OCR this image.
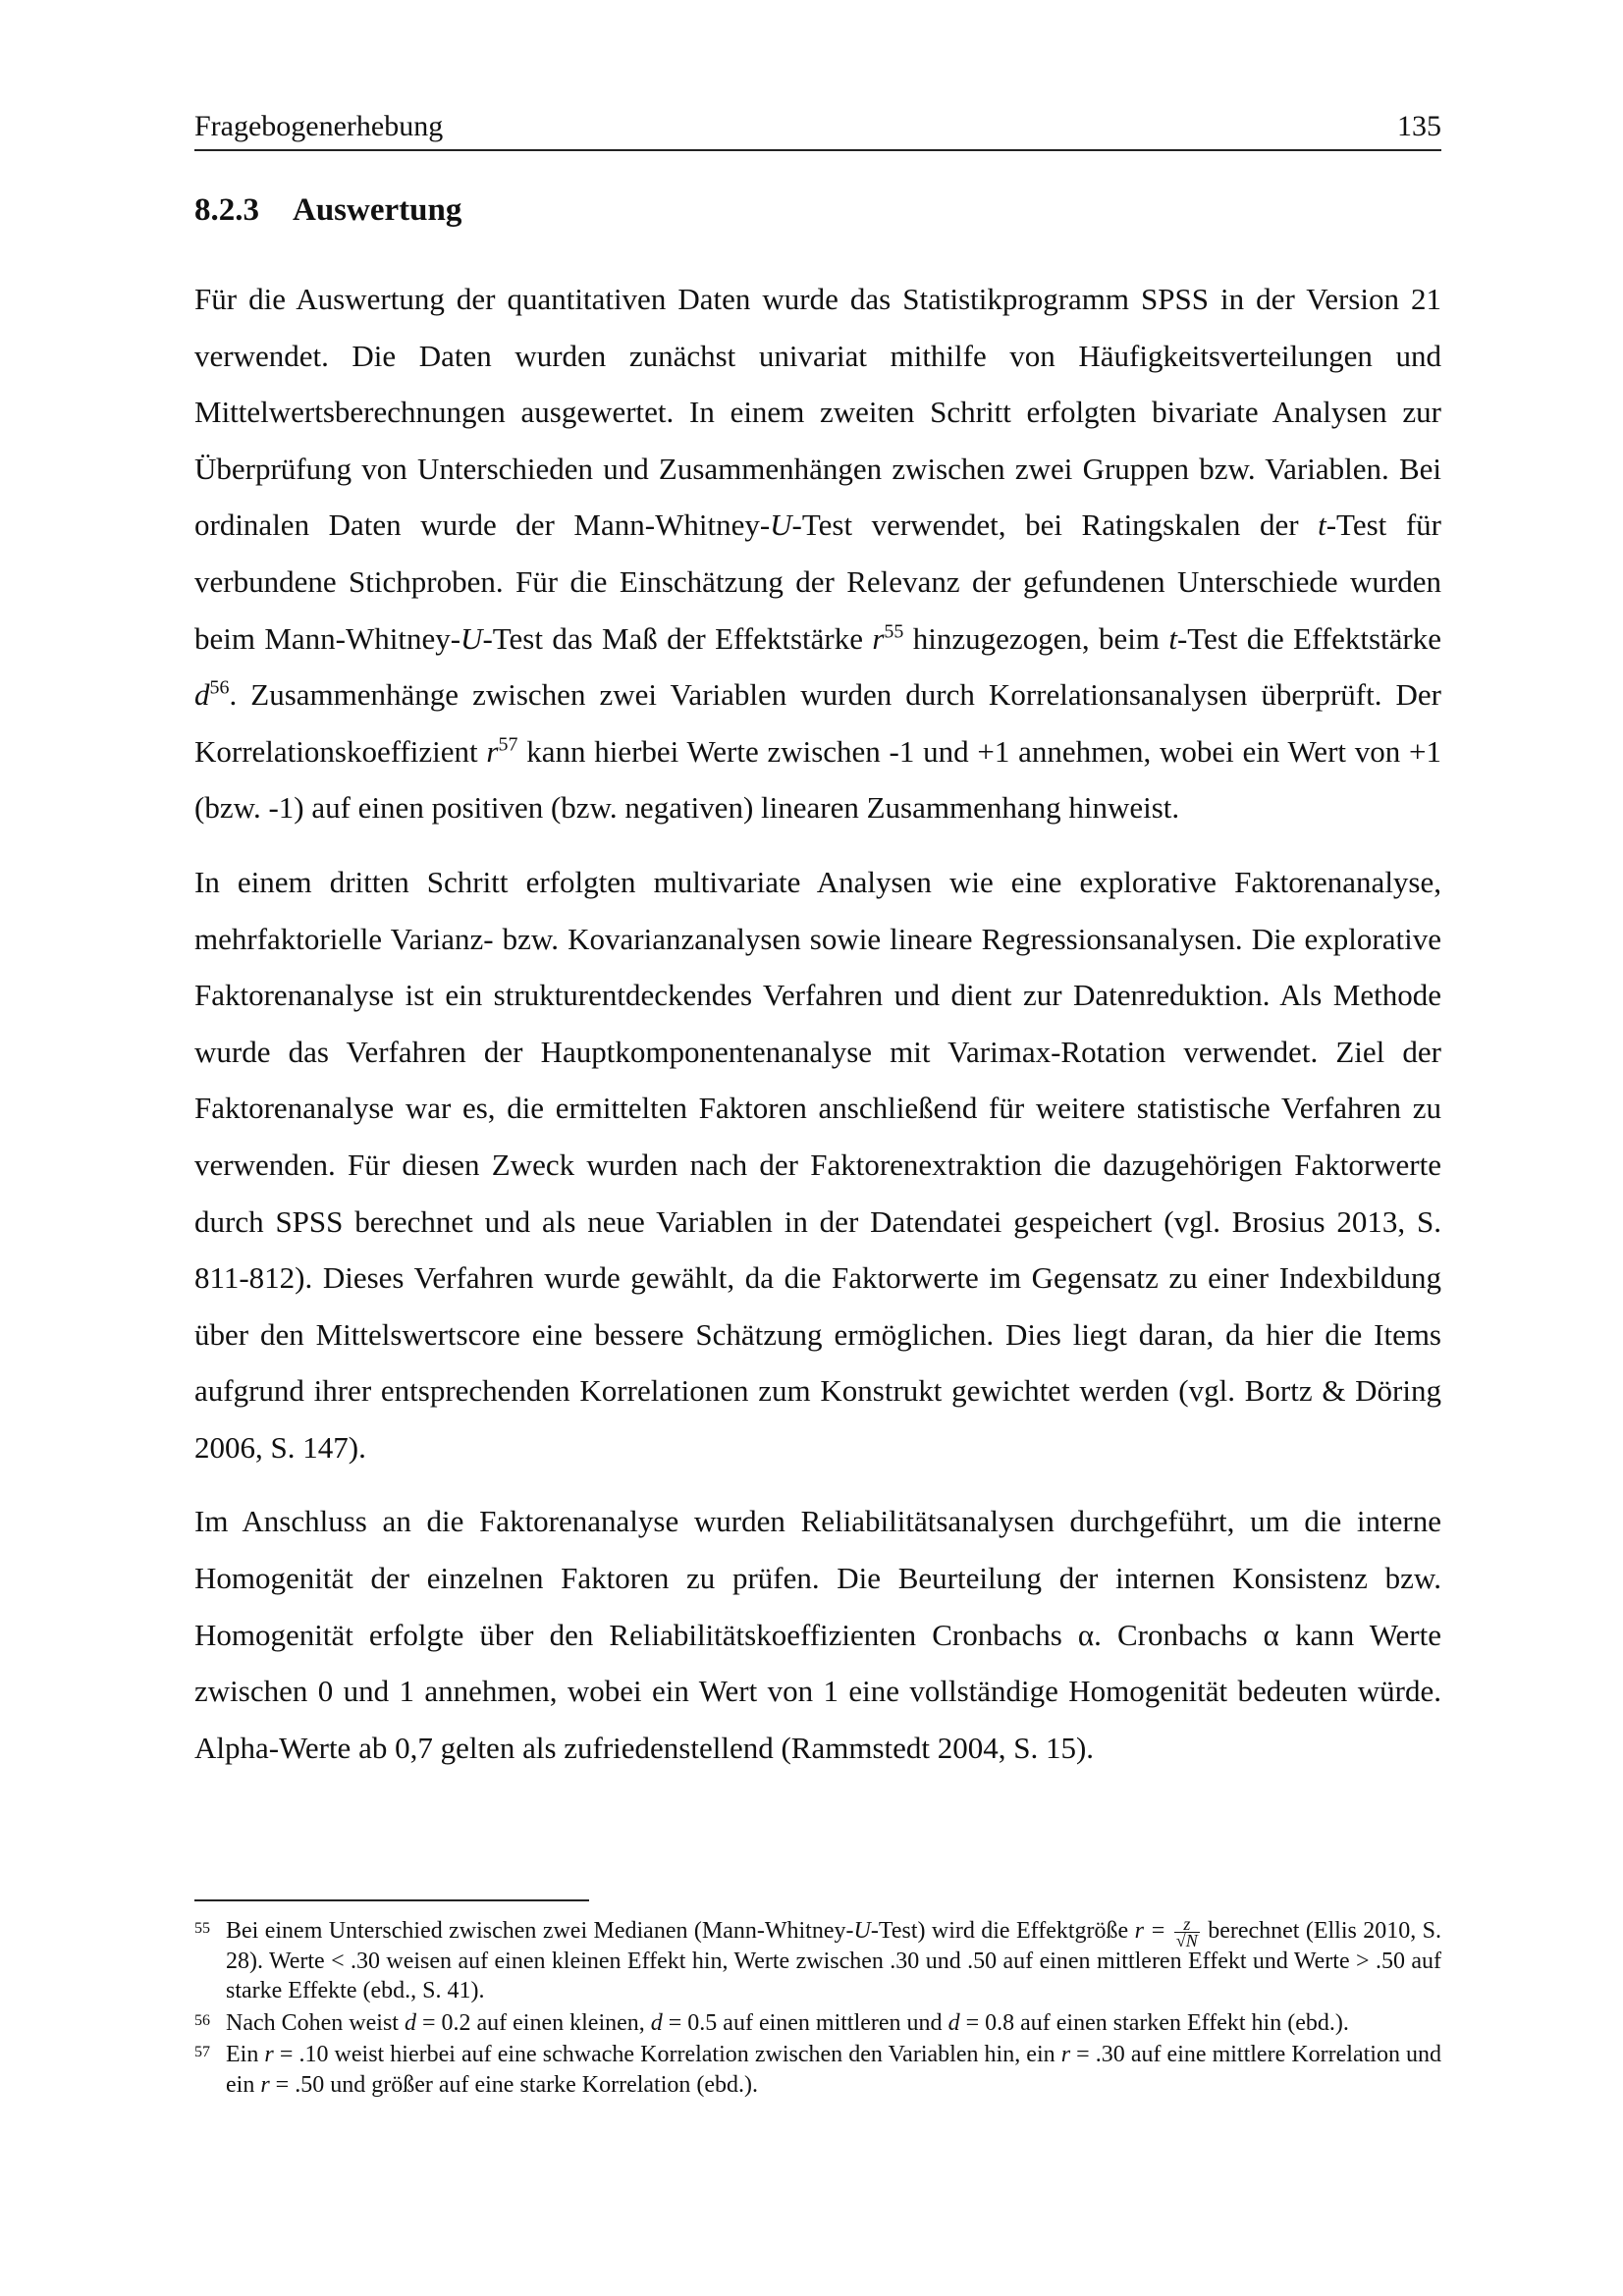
Fragebogenerhebung	135
8.2.3 Auswertung

Für die Auswertung der quantitativen Daten wurde das Statistikprogramm SPSS in der Version 21 verwendet. Die Daten wurden zunächst univariat mithilfe von Häufigkeitsverteilungen und Mittelwertsberechnungen ausgewertet. In einem zweiten Schritt erfolgten bivariate Analysen zur Überprüfung von Unterschieden und Zusammenhängen zwischen zwei Gruppen bzw. Variablen. Bei ordinalen Daten wurde der Mann-Whitney-U-Test verwendet, bei Ratingskalen der t-Test für verbundene Stichproben. Für die Einschätzung der Relevanz der gefundenen Unterschiede wurden beim Mann-Whitney-U-Test das Maß der Effektstärke $r^{55}$ hinzugezogen, beim t-Test die Effektstärke $d^{56}$. Zusammenhänge zwischen zwei Variablen wurden durch Korrelationsanalysen überprüft. Der Korrelationskoeffizient $r^{57}$ kann hierbei Werte zwischen -1 und +1 annehmen, wobei ein Wert von +1 (bzw. -1) auf einen positiven (bzw. negativen) linearen Zusammenhang hinweist.

In einem dritten Schritt erfolgten multivariate Analysen wie eine explorative Faktorenanalyse, mehrfaktorielle Varianz- bzw. Kovarianzanalysen sowie lineare Regressionsanalysen. Die explorative Faktorenanalyse ist ein strukturentdeckendes Verfahren und dient zur Datenreduktion. Als Methode wurde das Verfahren der Hauptkomponentenanalyse mit Varimax-Rotation verwendet. Ziel der Faktorenanalyse war es, die ermittelten Faktoren anschließend für weitere statistische Verfahren zu verwenden. Für diesen Zweck wurden nach der Faktorenextraktion die dazugehörigen Faktorwerte durch SPSS berechnet und als neue Variablen in der Datendatei gespeichert (vgl. Brosius 2013, S. 811-812). Dieses Verfahren wurde gewählt, da die Faktorwerte im Gegensatz zu einer Indexbildung über den Mittelswertscore eine bessere Schätzung ermöglichen. Dies liegt daran, da hier die Items aufgrund ihrer entsprechenden Korrelationen zum Konstrukt gewichtet werden (vgl. Bortz & Döring 2006, S. 147).

Im Anschluss an die Faktorenanalyse wurden Reliabilitätsanalysen durchgeführt, um die interne Homogenität der einzelnen Faktoren zu prüfen. Die Beurteilung der internen Konsistenz bzw. Homogenität erfolgte über den Reliabilitätskoeffizienten Cronbachs α. Cronbachs α kann Werte zwischen 0 und 1 annehmen, wobei ein Wert von 1 eine vollständige Homogenität bedeuten würde. Alpha-Werte ab 0,7 gelten als zufriedenstellend (Rammstedt 2004, S. 15).

55 Bei einem Unterschied zwischen zwei Medianen (Mann-Whitney-U-Test) wird die Effektgröße $r = \frac{z}{√N}$ berechnet (Ellis 2010, S. 28). Werte < .30 weisen auf einen kleinen Effekt hin, Werte zwischen .30 und .50 auf einen mittleren Effekt und Werte > .50 auf starke Effekte (ebd., S. 41).
56 Nach Cohen weist d = 0.2 auf einen kleinen, d = 0.5 auf einen mittleren und d = 0.8 auf einen starken Effekt hin (ebd.).
57 Ein r = .10 weist hierbei auf eine schwache Korrelation zwischen den Variablen hin, ein r = .30 auf eine mittlere Korrelation und ein r = .50 und größer auf eine starke Korrelation (ebd.).
